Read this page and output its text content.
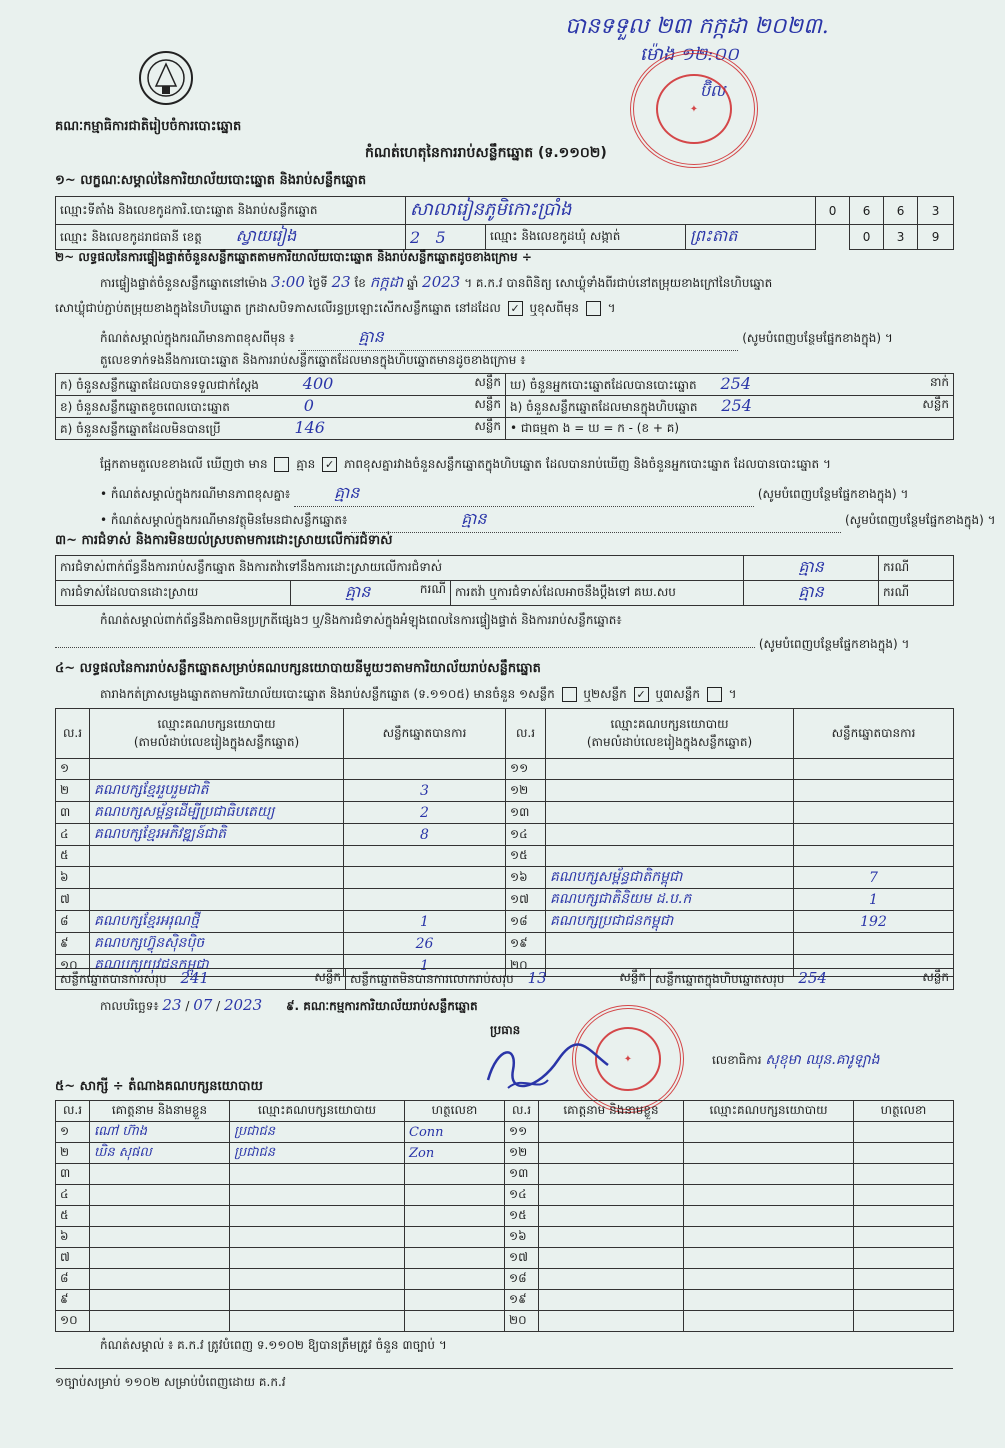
បានទទួល ២៣ កក្កដា ២០២៣.
ម៉ោង ១២:០០
ប៊ិល
✦
✦
គណៈកម្មាធិការជាតិរៀបចំការបោះឆ្នោត
កំណត់ហេតុនៃការរាប់សន្លឹកឆ្នោត (ទ.១១០២)
១~ លក្ខណៈសម្គាល់នៃការិយាល័យបោះឆ្នោត និងរាប់សន្លឹកឆ្នោត
ឈ្មោះទីតាំង និងលេខកូដការិ.បោះឆ្នោត និងរាប់សន្លឹកឆ្នោត	សាលារៀនភូមិកោះប្រាំង			0	6	6	3
ឈ្មោះ និងលេខកូដរាជធានី ខេត្ត ស្វាយរៀង	2 5	ឈ្មោះ និងលេខកូដឃុំ សង្កាត់	ព្រះតាត		0	3	9
២~ លទ្ធផលនៃការផ្ទៀងផ្ទាត់ចំនួនសន្លឹកឆ្នោតតាមការិយាល័យបោះឆ្នោត និងរាប់សន្លឹកឆ្នោតដូចខាងក្រោម ÷
ការផ្ទៀងផ្ទាត់ចំនួនសន្លឹកឆ្នោតនៅម៉ោង 3:00 ថ្ងៃទី 23 ខែ កក្កដា ឆ្នាំ 2023 ។ គ.ក.វ បានពិនិត្យ សោឃ្លុំទាំងពីរជាប់នៅតម្រុយខាងក្រៅនៃហិបឆ្នោត
សោឃ្លុំជាប់ភ្ជាប់តម្រុយខាងក្នុងនៃហិបឆ្នោត ក្រដាសបិទភាសលើរន្ធប្រឡោះសើកសន្លឹកឆ្នោត នៅដដែល ✓ ឬខុសពីមុន  ។
កំណត់សម្គាល់ក្នុងករណីមានភាពខុសពីមុន ៖	គ្មាន	(សូមបំពេញបន្ថែមផ្នែកខាងក្នុង) ។
តួលេខទាក់ទងនឹងការបោះឆ្នោត និងការរាប់សន្លឹកឆ្នោតដែលមានក្នុងហិបឆ្នោតមានដូចខាងក្រោម ៖
ក) ចំនួនសន្លឹកឆ្នោតដែលបានទទួលជាក់ស្តែង 400 សន្លឹក	ឃ) ចំនួនអ្នកបោះឆ្នោតដែលបានបោះឆ្នោត 254 នាក់

ខ) ចំនួនសន្លឹកឆ្នោតខូចពេលបោះឆ្នោត 0 សន្លឹក	ង) ចំនួនសន្លឹកឆ្នោតដែលមានក្នុងហិបឆ្នោត 254 សន្លឹក

គ) ចំនួនសន្លឹកឆ្នោតដែលមិនបានប្រើ 146 សន្លឹក	• ជាធម្មតា ង = ឃ = ក - (ខ + គ)
ផ្អែកតាមតួលេខខាងលើ ឃើញថា មាន គ្មាន ✓ ភាពខុសគ្នារវាងចំនួនសន្លឹកឆ្នោតក្នុងហិបឆ្នោត ដែលបានរាប់ឃើញ និងចំនួនអ្នកបោះឆ្នោត ដែលបានបោះឆ្នោត ។
• កំណត់សម្គាល់ក្នុងករណីមានភាពខុសគ្នា៖	គ្មាន	(សូមបំពេញបន្ថែមផ្នែកខាងក្នុង) ។
• កំណត់សម្គាល់ក្នុងករណីមានវត្ថុមិនមែនជាសន្លឹកឆ្នោត៖	គ្មាន	(សូមបំពេញបន្ថែមផ្នែកខាងក្នុង) ។
៣~ ការជំទាស់ និងការមិនយល់ស្របតាមការដោះស្រាយលើការជំទាស់
ការជំទាស់ពាក់ព័ន្ធនឹងការរាប់សន្លឹកឆ្នោត និងការតវ៉ាទៅនឹងការដោះស្រាយលើការជំទាស់			គ្មាន	ករណី
ការជំទាស់ដែលបានដោះស្រាយ	គ្មាន ករណី	ការតវ៉ា ឬការជំទាស់ដែលអាចនឹងប្តឹងទៅ គឃ.សប	គ្មាន	ករណី
កំណត់សម្គាល់ពាក់ព័ន្ធនឹងភាពមិនប្រក្រតីផ្សេងៗ ឬ/និងការជំទាស់ក្នុងអំឡុងពេលនៃការផ្ទៀងផ្ទាត់ និងការរាប់សន្លឹកឆ្នោត៖
(សូមបំពេញបន្ថែមផ្នែកខាងក្នុង) ។
៤~ លទ្ធផលនៃការរាប់សន្លឹកឆ្នោតសម្រាប់គណបក្សនយោបាយនីមួយៗតាមការិយាល័យរាប់សន្លឹកឆ្នោត
តារាងកត់ត្រាសម្លេងឆ្នោតតាមការិយាល័យបោះឆ្នោត និងរាប់សន្លឹកឆ្នោត (ទ.១១០៥) មានចំនួន ១សន្លឹក ឬ២សន្លឹក ✓ ឬ៣សន្លឹក  ។
ល.រ	ឈ្មោះគណបក្សនយោបាយ
(តាមលំដាប់លេខរៀងក្នុងសន្លឹកឆ្នោត)	សន្លឹកឆ្នោតបានការ	ល.រ	ឈ្មោះគណបក្សនយោបាយ
(តាមលំដាប់លេខរៀងក្នុងសន្លឹកឆ្នោត)	សន្លឹកឆ្នោតបានការ
១			១១		
២	គណបក្សខ្មែររួបរួមជាតិ	3	១២		
៣	គណបក្សសម្ព័ន្ធដើម្បីប្រជាធិបតេយ្យ	2	១៣		
៤	គណបក្សខ្មែរអភិវឌ្ឍន៍ជាតិ	8	១៤		
៥			១៥		
៦			១៦	គណបក្សសម្ព័ន្ធជាតិកម្ពុជា	7
៧			១៧	គណបក្សជាតិនិយម ដ.ប.ក	1
៨	គណបក្សខ្មែរអរុណថ្មី	1	១៨	គណបក្សប្រជាជនកម្ពុជា	192
៩	គណបក្សហ៊្វុនស៊ិនប៉ិច	26	១៩		
១០	គណបក្សយុវជនកម្ពុជា	1	២០		
សន្លឹកឆ្នោតបានការសរុប 241	សន្លឹក	សន្លឹកឆ្នោតមិនបានការលោករាប់សរុប 13	សន្លឹក	សន្លឹកឆ្នោតក្នុងហិបឆ្នោតសរុប 254	សន្លឹក
កាលបរិច្ឆេទ៖ 23 / 07 / 2023 ៩. គណៈកម្មការការិយាល័យរាប់សន្លឹកឆ្នោត
ប្រធាន
លេខាធិការ សុខុមា ឈុន.គារូឡាង
៥~ សាក្សី ÷ តំណាងគណបក្សនយោបាយ
ល.រ	គោត្តនាម និងនាមខ្លួន	ឈ្មោះគណបក្សនយោបាយ	ហត្ថលេខា	ល.រ	គោត្តនាម និងនាមខ្លួន	ឈ្មោះគណបក្សនយោបាយ	ហត្ថលេខា
១	ណៅ ហ៊ាង	ប្រជាជន	Conn	១១			
២	ឃិន សុផល	ប្រជាជន	Zon	១២			
៣				១៣			
៤				១៤			
៥				១៥			
៦				១៦			
៧				១៧			
៨				១៨			
៩				១៩			
១០				២០			
កំណត់សម្គាល់ ៖ គ.ក.វ ត្រូវបំពេញ ទ.១១០២ ឱ្យបានត្រឹមត្រូវ ចំនួន ៣ច្បាប់ ។
១ច្បាប់សម្រាប់ ១១០២ សម្រាប់បំពេញដោយ គ.ក.វ
